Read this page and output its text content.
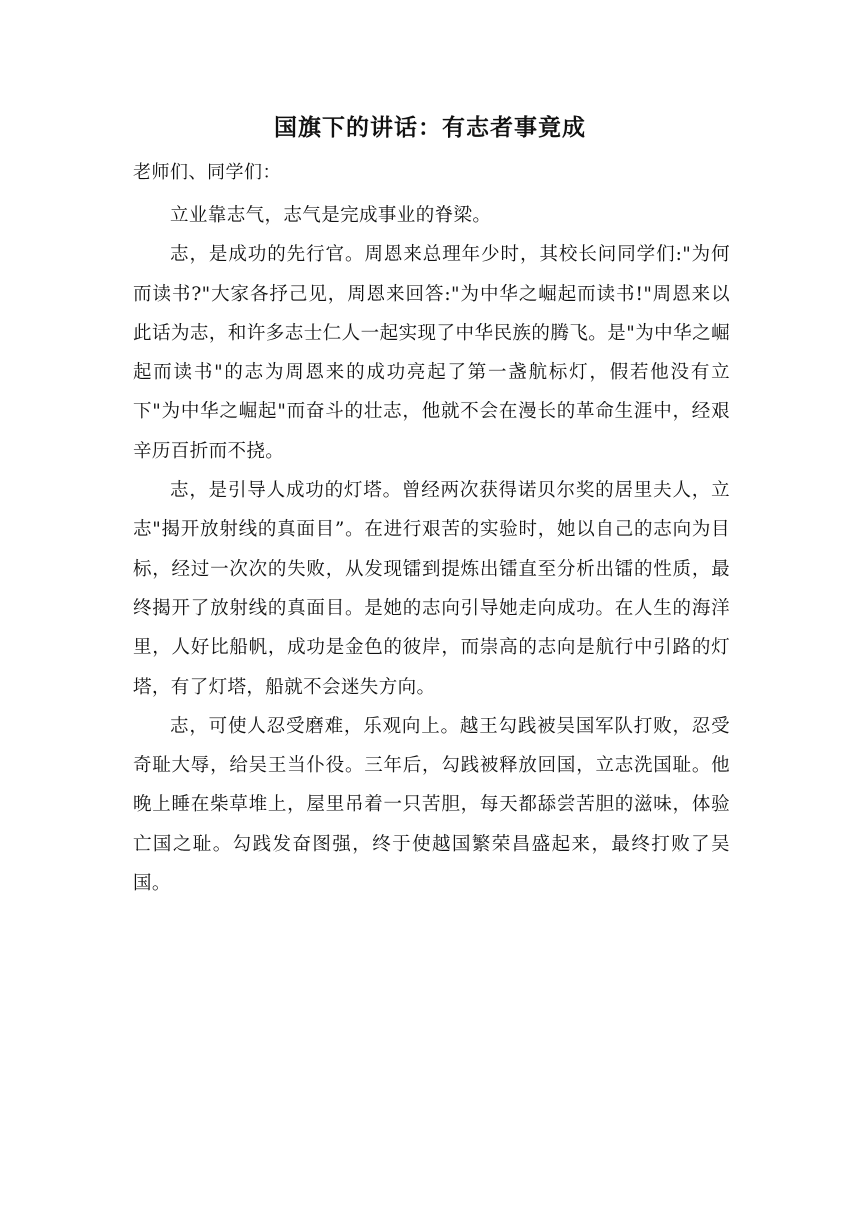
国旗下的讲话：有志者事竟成
老师们、同学们：

立业靠志气，志气是完成事业的脊梁。

志，是成功的先行官。周恩来总理年少时，其校长问同学们:"为何而读书?"大家各抒己见，周恩来回答:"为中华之崛起而读书!"周恩来以此话为志，和许多志士仁人一起实现了中华民族的腾飞。是"为中华之崛起而读书"的志为周恩来的成功亮起了第一盏航标灯，假若他没有立下"为中华之崛起"而奋斗的壮志，他就不会在漫长的革命生涯中，经艰辛历百折而不挠。

志，是引导人成功的灯塔。曾经两次获得诺贝尔奖的居里夫人，立志"揭开放射线的真面目”。在进行艰苦的实验时，她以自己的志向为目标，经过一次次的失败，从发现镭到提炼出镭直至分析出镭的性质，最终揭开了放射线的真面目。是她的志向引导她走向成功。在人生的海洋里，人好比船帆，成功是金色的彼岸，而崇高的志向是航行中引路的灯塔，有了灯塔，船就不会迷失方向。

志，可使人忍受磨难，乐观向上。越王勾践被吴国军队打败，忍受奇耻大辱，给吴王当仆役。三年后，勾践被释放回国，立志洗国耻。他晚上睡在柴草堆上，屋里吊着一只苦胆，每天都舔尝苦胆的滋味，体验亡国之耻。勾践发奋图强，终于使越国繁荣昌盛起来，最终打败了吴国。
